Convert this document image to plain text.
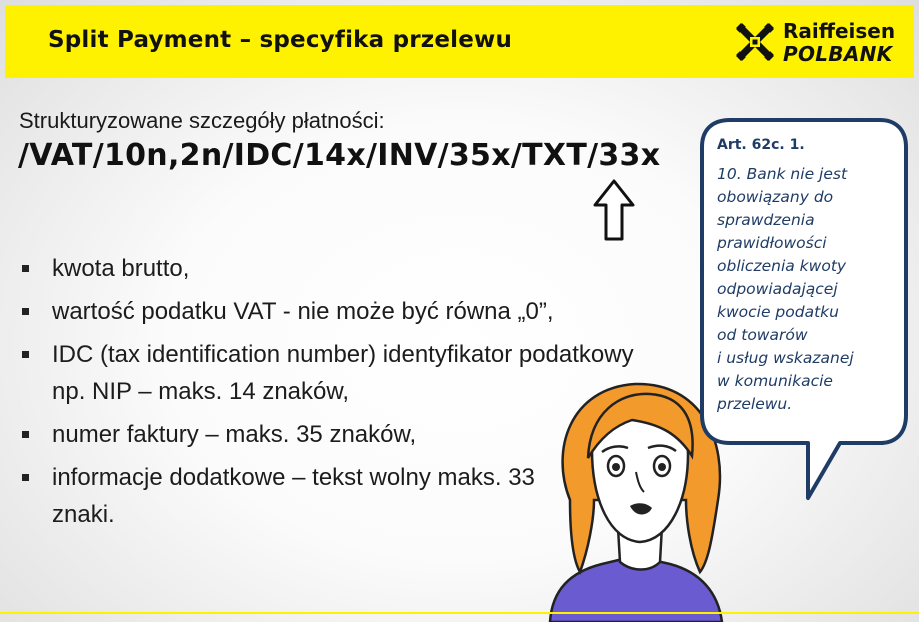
Split Payment – specyfika przelewu	Raiffeisen
POLBANK
Strukturyzowane szczegóły płatności:
/VAT/10n,2n/IDC/14x/INV/35x/TXT/33x
kwota brutto,
wartość podatku VAT - nie może być równa „0”,
IDC (tax identification number) identyfikator podatkowy np. NIP – maks. 14 znaków,
numer faktury – maks. 35 znaków,
informacje dodatkowe – tekst wolny maks. 33 znaki.
Art. 62c. 1.
10. Bank nie jest
obowiązany do
sprawdzenia
prawidłowości
obliczenia kwoty
odpowiadającej
kwocie podatku
od towarów
i usług wskazanej
w komunikacie
przelewu.
